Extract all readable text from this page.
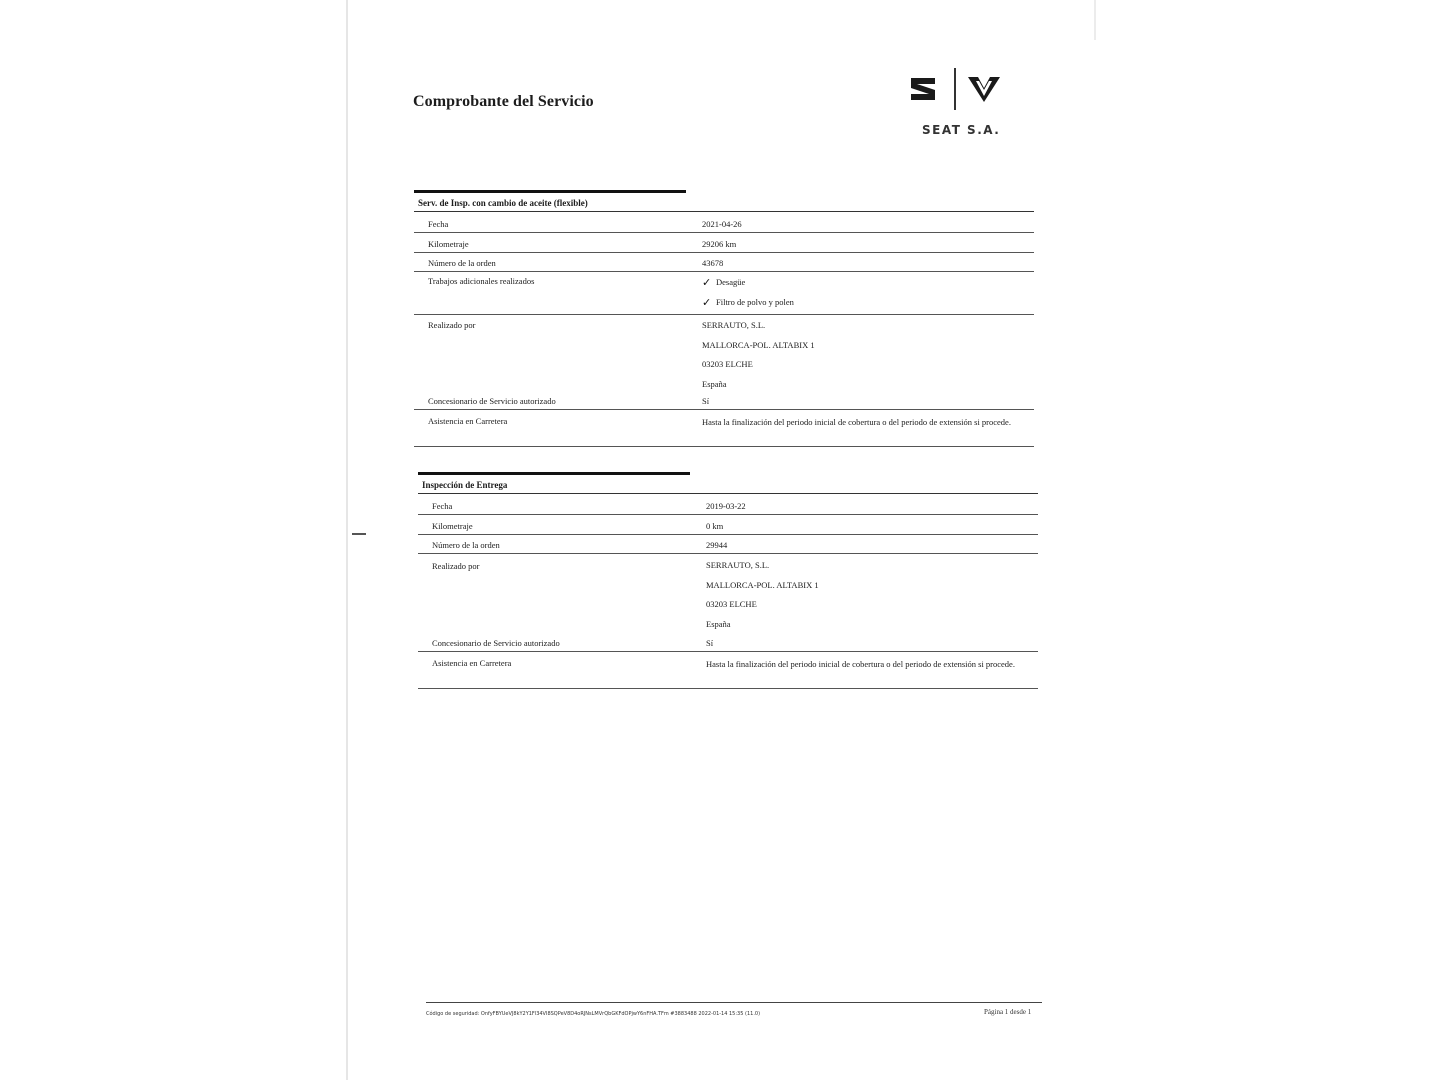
Comprobante del Servicio
SEAT S.A.
Serv. de Insp. con cambio de aceite (flexible)
Fecha	2021-04-26
Kilometraje	29206 km
Número de la orden	43678
Trabajos adicionales realizados	✓ Desagüe
✓ Filtro de polvo y polen
Realizado por	SERRAUTO, S.L.
MALLORCA-POL. ALTABIX 1
03203 ELCHE
España
Concesionario de Servicio autorizado	Sí
Asistencia en Carretera	Hasta la finalización del periodo inicial de cobertura o del periodo de extensión si procede.
Inspección de Entrega
Fecha	2019-03-22
Kilometraje	0 km
Número de la orden	29944
Realizado por	SERRAUTO, S.L.
MALLORCA-POL. ALTABIX 1
03203 ELCHE
España
Concesionario de Servicio autorizado	Sí
Asistencia en Carretera	Hasta la finalización del periodo inicial de cobertura o del periodo de extensión si procede.
Código de seguridad: OnfyFBYUeVJ8kY2Y1Fl34VI8SQPeV8D4oRJNsLMVrQbGKFdOPjwY6nFHA.TFm #3883488 2022-01-14 15:35 (11.0)	Página 1 desde 1
